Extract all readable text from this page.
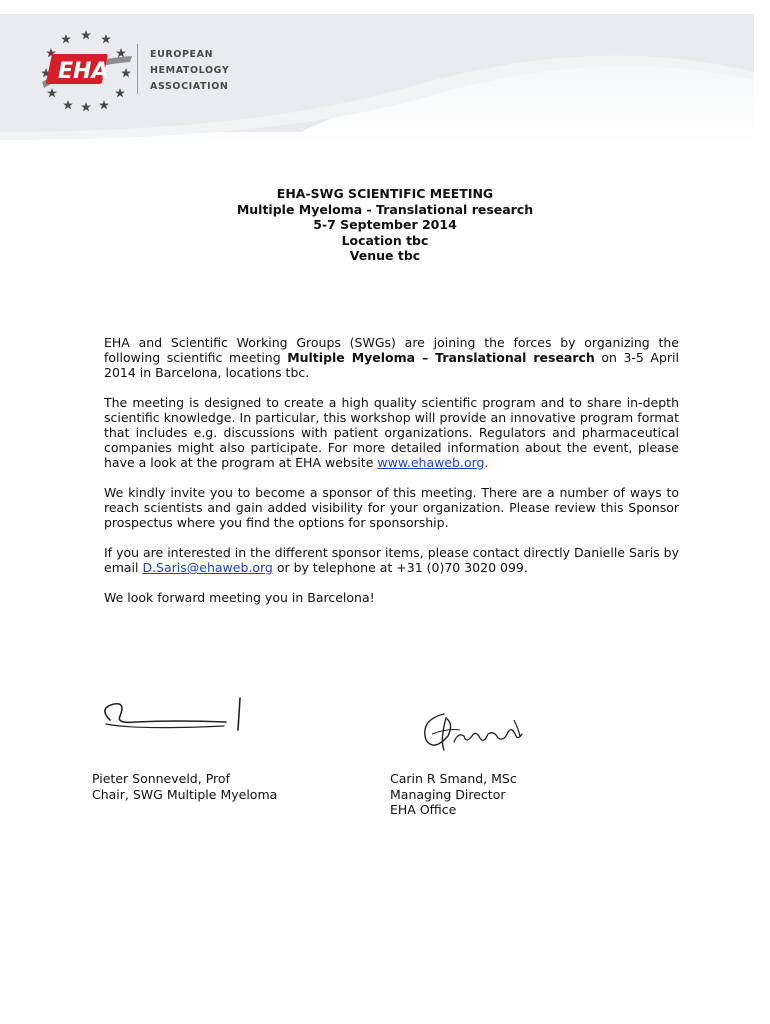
EHA
EUROPEAN
HEMATOLOGY
ASSOCIATION
EHA-SWG SCIENTIFIC MEETING
Multiple Myeloma - Translational research
5-7 September 2014
Location tbc
Venue tbc

EHA and Scientific Working Groups (SWGs) are joining the forces by organizing the following scientific meeting Multiple Myeloma – Translational research on 3-5 April 2014 in Barcelona, locations tbc.

The meeting is designed to create a high quality scientific program and to share in-depth scientific knowledge. In particular, this workshop will provide an innovative program format that includes e.g. discussions with patient organizations. Regulators and pharmaceutical companies might also participate. For more detailed information about the event, please have a look at the program at EHA website www.ehaweb.org.

We kindly invite you to become a sponsor of this meeting. There are a number of ways to reach scientists and gain added visibility for your organization. Please review this Sponsor prospectus where you find the options for sponsorship.

If you are interested in the different sponsor items, please contact directly Danielle Saris by email D.Saris@ehaweb.org or by telephone at +31 (0)70 3020 099.

We look forward meeting you in Barcelona!

Pieter Sonneveld, Prof
Chair, SWG Multiple Myeloma
Carin R Smand, MSc
Managing Director
EHA Office
